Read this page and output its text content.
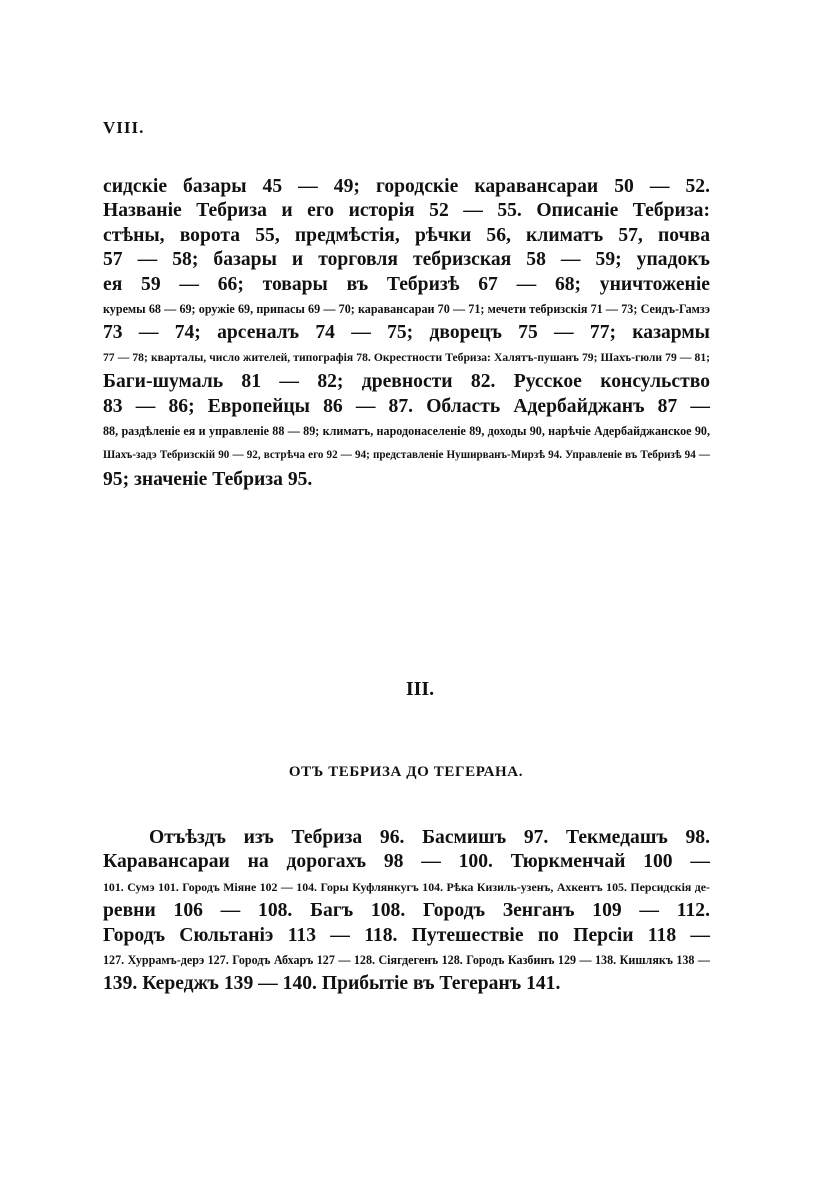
VIII.
сидскіе базары 45 — 49; городскіе каравансараи 50 — 52.
Названіе Тебриза и его исторія 52 — 55. Описаніе Тебриза:
стѣны, ворота 55, предмѣстія, рѣчки 56, климатъ 57, почва
57 — 58; базары и торговля тебризская 58 — 59; упадокъ
ея 59 — 66; товары въ Тебризѣ 67 — 68; уничтоженіе
куремы 68 — 69; оружіе 69, припасы 69 — 70; каравансараи 70 — 71; мечети тебризскія 71 — 73; Сеидъ-Гамзэ
73 — 74; арсеналъ 74 — 75; дворецъ 75 — 77; казармы
77 — 78; кварталы, число жителей, типографія 78. Окрестности Тебриза: Халятъ-пушанъ 79; Шахъ-гюли 79 — 81;
Баги-шумаль 81 — 82; древности 82. Русское консульство
83 — 86; Европейцы 86 — 87. Область Адербайджанъ 87 —
88, раздѣленіе ея и управленіе 88 — 89; климатъ, народонаселеніе 89, доходы 90, нарѣчіе Адербайджанское 90,
Шахъ-задэ Тебризскій 90 — 92, встрѣча его 92 — 94; представленіе Нуширванъ-Мирзѣ 94. Управленіе въ Тебризѣ 94 —
95; значеніе Тебриза 95.
III.
ОТЪ ТЕБРИЗА ДО ТЕГЕРАНА.
Отъѣздъ изъ Тебриза 96. Басмишъ 97. Текмедашъ 98.
Каравансараи на дорогахъ 98 — 100. Тюркменчай 100 —
101. Сумэ 101. Городъ Міяне 102 — 104. Горы Куфлянкугъ 104. Рѣка Кизиль-узенъ, Ахкентъ 105. Персидскія де-
ревни 106 — 108. Багъ 108. Городъ Зенганъ 109 — 112.
Городъ Сюльтаніэ 113 — 118. Путешествіе по Персіи 118 —
127. Хуррамъ-дерэ 127. Городъ Абхаръ 127 — 128. Сіягдегенъ 128. Городъ Казбинъ 129 — 138. Кишлякъ 138 —
139. Кереджъ 139 — 140. Прибытіе въ Тегеранъ 141.
